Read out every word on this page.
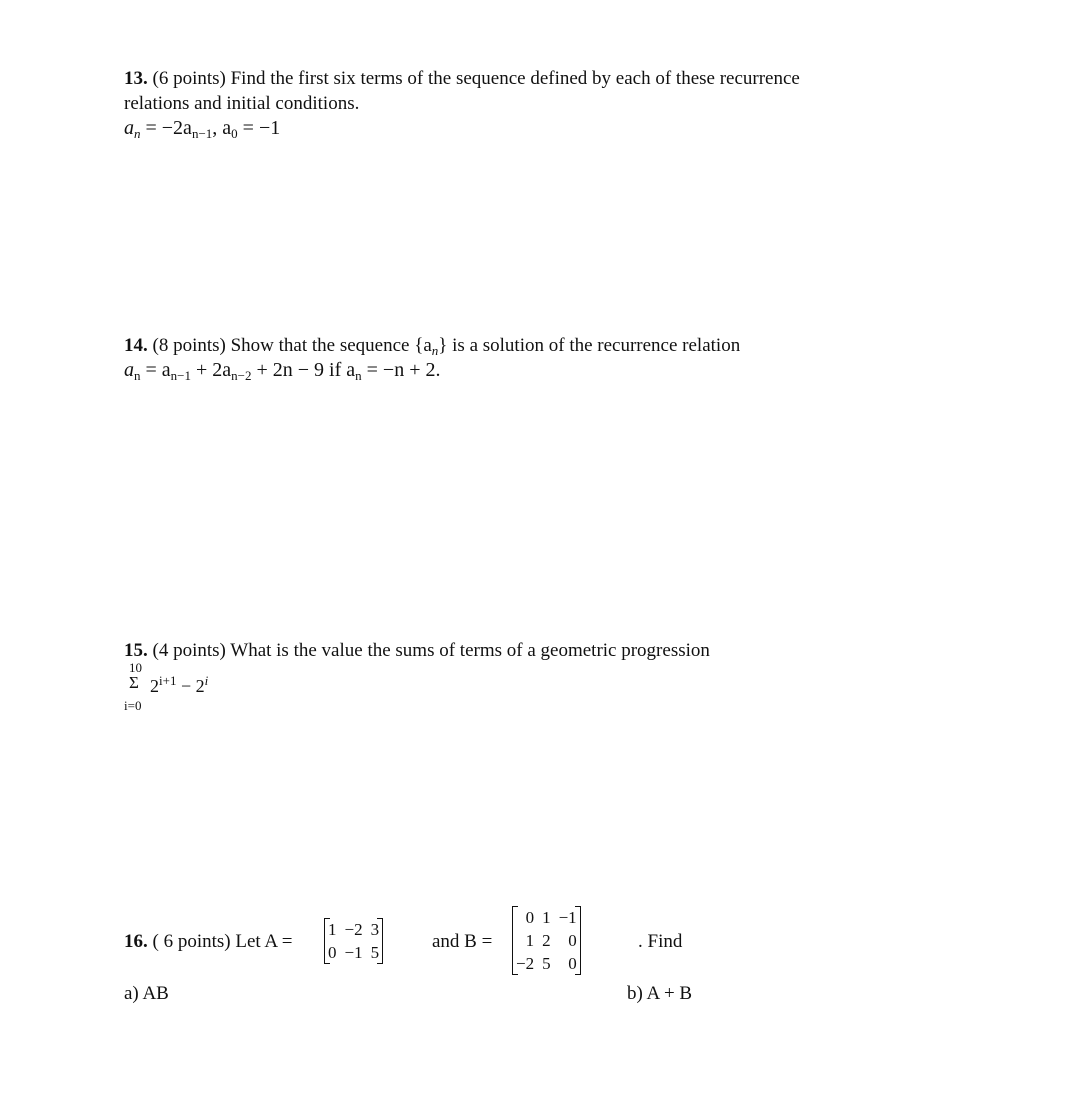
13. (6 points) Find the first six terms of the sequence defined by each of these recurrence
relations and initial conditions.
$a_n = -2a_{n-1}$, $a_0 = -1$
14. (8 points) Show that the sequence $\{a_n\}$ is a solution of the recurrence relation
$a_n = a_{n-1} + 2a_{n-2} + 2n - 9$ if $a_n = -n + 2$.
15. (4 points) What is the value the sums of terms of a geometric progression
10
Σ
i=0
$2^{i+1} - 2^i$
16. ( 6 points) Let A =
1	−2	3
0	−1	5
and B =
0	1	−1
1	2	0
−2	5	0
. Find
a) AB	b) A + B
